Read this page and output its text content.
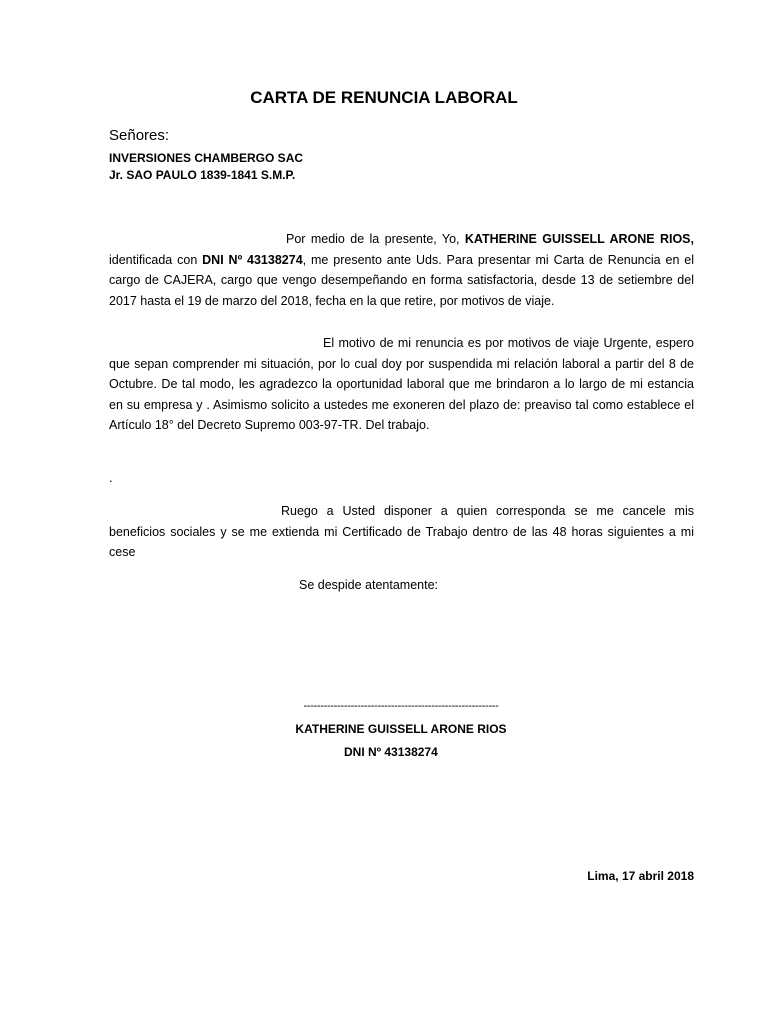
CARTA DE RENUNCIA LABORAL
Señores:
INVERSIONES CHAMBERGO SAC
Jr. SAO PAULO 1839-1841 S.M.P.
Por medio de la presente, Yo, KATHERINE GUISSELL ARONE RIOS, identificada con DNI Nº 43138274, me presento ante Uds. Para presentar mi Carta de Renuncia en el cargo de CAJERA, cargo que vengo desempeñando en forma satisfactoria, desde 13 de setiembre del 2017 hasta el 19 de marzo del 2018, fecha en la que retire, por motivos de viaje.
El motivo de mi renuncia es por motivos de viaje Urgente, espero que sepan comprender mi situación, por lo cual doy por suspendida mi relación laboral a partir del 8 de Octubre. De tal modo, les agradezco la oportunidad laboral que me brindaron a lo largo de mi estancia en su empresa y . Asimismo solicito a ustedes me exoneren del plazo de: preaviso tal como establece el Artículo 18° del Decreto Supremo 003-97-TR. Del trabajo.
.
Ruego a Usted disponer a quien corresponda se me cancele mis beneficios sociales y se me extienda mi Certificado de Trabajo dentro de las 48 horas siguientes a mi cese
Se despide atentamente:
----------------------------------------------------------
KATHERINE GUISSELL ARONE RIOS
DNI Nº 43138274
Lima, 17 abril 2018
